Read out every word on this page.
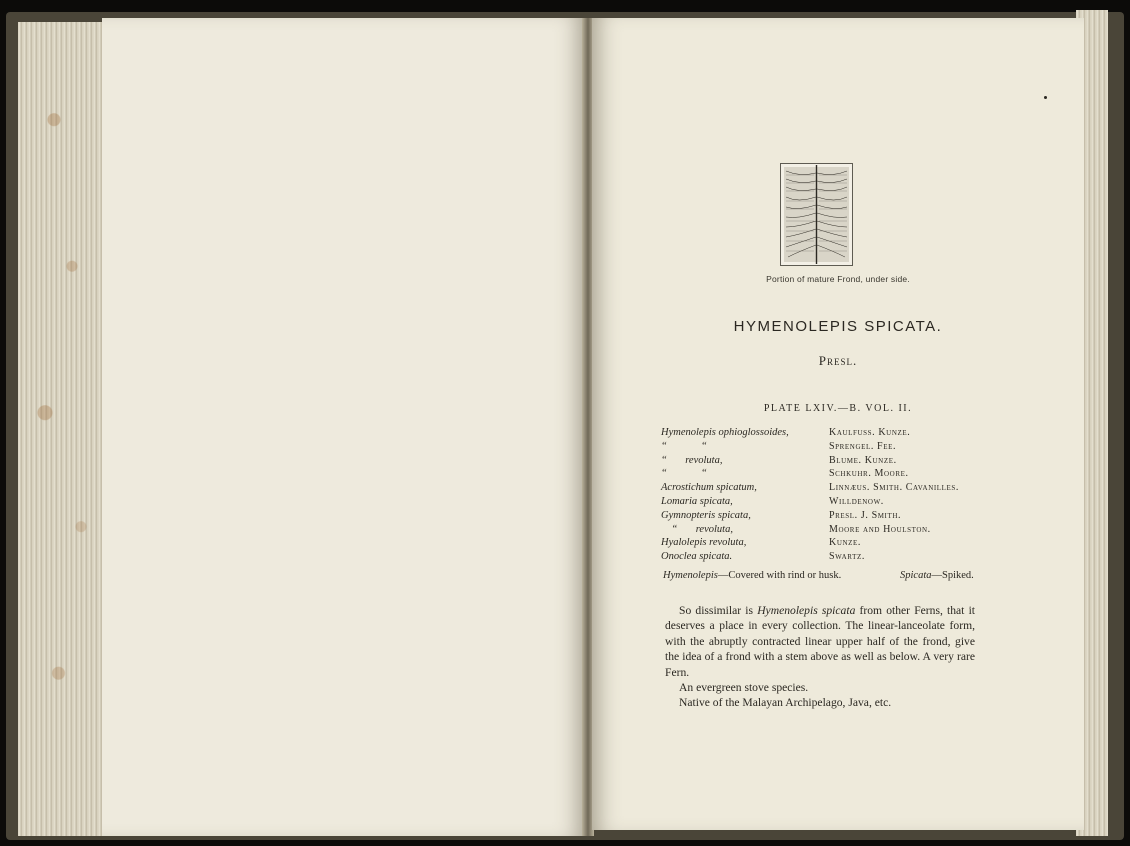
Portion of mature Frond, under side.
HYMENOLEPIS SPICATA.
Presl.
PLATE LXIV.—B. VOL. II.
Hymenolepis ophioglossoides,
“             “
“       revoluta,
“             “
Acrostichum spicatum,
Lomaria spicata,
Gymnopteris spicata,
“       revoluta,
Hyalolepis revoluta,
Onoclea spicata.
Kaulfuss. Kunze.
Sprengel. Fee.
Blume. Kunze.
Schkuhr. Moore.
Linnæus. Smith. Cavanilles.
Willdenow.
Presl. J. Smith.
Moore and Houlston.
Kunze.
Swartz.
Hymenolepis—Covered with rind or husk.	Spicata—Spiked.

So dissimilar is Hymenolepis spicata from other Ferns, that it deserves a place in every collection. The linear-lanceolate form, with the abruptly contracted linear upper half of the frond, give the idea of a frond with a stem above as well as below. A very rare Fern.

An evergreen stove species.

Native of the Malayan Archipelago, Java, etc.
